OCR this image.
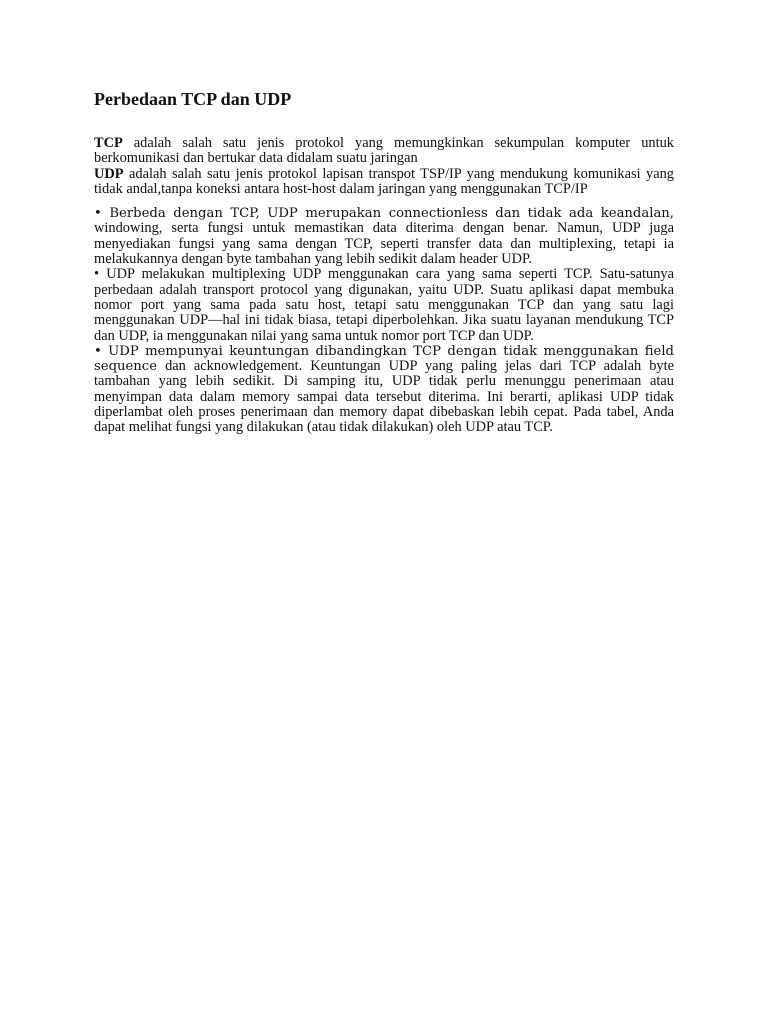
Perbedaan TCP dan UDP

TCP adalah salah satu jenis protokol yang memungkinkan sekumpulan komputer untuk berkomunikasi dan bertukar data didalam suatu jaringan

UDP adalah salah satu jenis protokol lapisan transpot TSP/IP yang mendukung komunikasi yang tidak andal,tanpa koneksi antara host-host dalam jaringan yang menggunakan TCP/IP

• Berbeda dengan TCP, UDP merupakan connectionless dan tidak ada keandalan, windowing, serta fungsi untuk memastikan data diterima dengan benar. Namun, UDP juga menyediakan fungsi yang sama dengan TCP, seperti transfer data dan multiplexing, tetapi ia melakukannya dengan byte tambahan yang lebih sedikit dalam header UDP.

• UDP melakukan multiplexing UDP menggunakan cara yang sama seperti TCP. Satu-satunya perbedaan adalah transport protocol yang digunakan, yaitu UDP. Suatu aplikasi dapat membuka nomor port yang sama pada satu host, tetapi satu menggunakan TCP dan yang satu lagi menggunakan UDP—hal ini tidak biasa, tetapi diperbolehkan. Jika suatu layanan mendukung TCP dan UDP, ia menggunakan nilai yang sama untuk nomor port TCP dan UDP.

• UDP mempunyai keuntungan dibandingkan TCP dengan tidak menggunakan field sequence dan acknowledgement. Keuntungan UDP yang paling jelas dari TCP adalah byte tambahan yang lebih sedikit. Di samping itu, UDP tidak perlu menunggu penerimaan atau menyimpan data dalam memory sampai data tersebut diterima. Ini berarti, aplikasi UDP tidak diperlambat oleh proses penerimaan dan memory dapat dibebaskan lebih cepat. Pada tabel, Anda dapat melihat fungsi yang dilakukan (atau tidak dilakukan) oleh UDP atau TCP.
